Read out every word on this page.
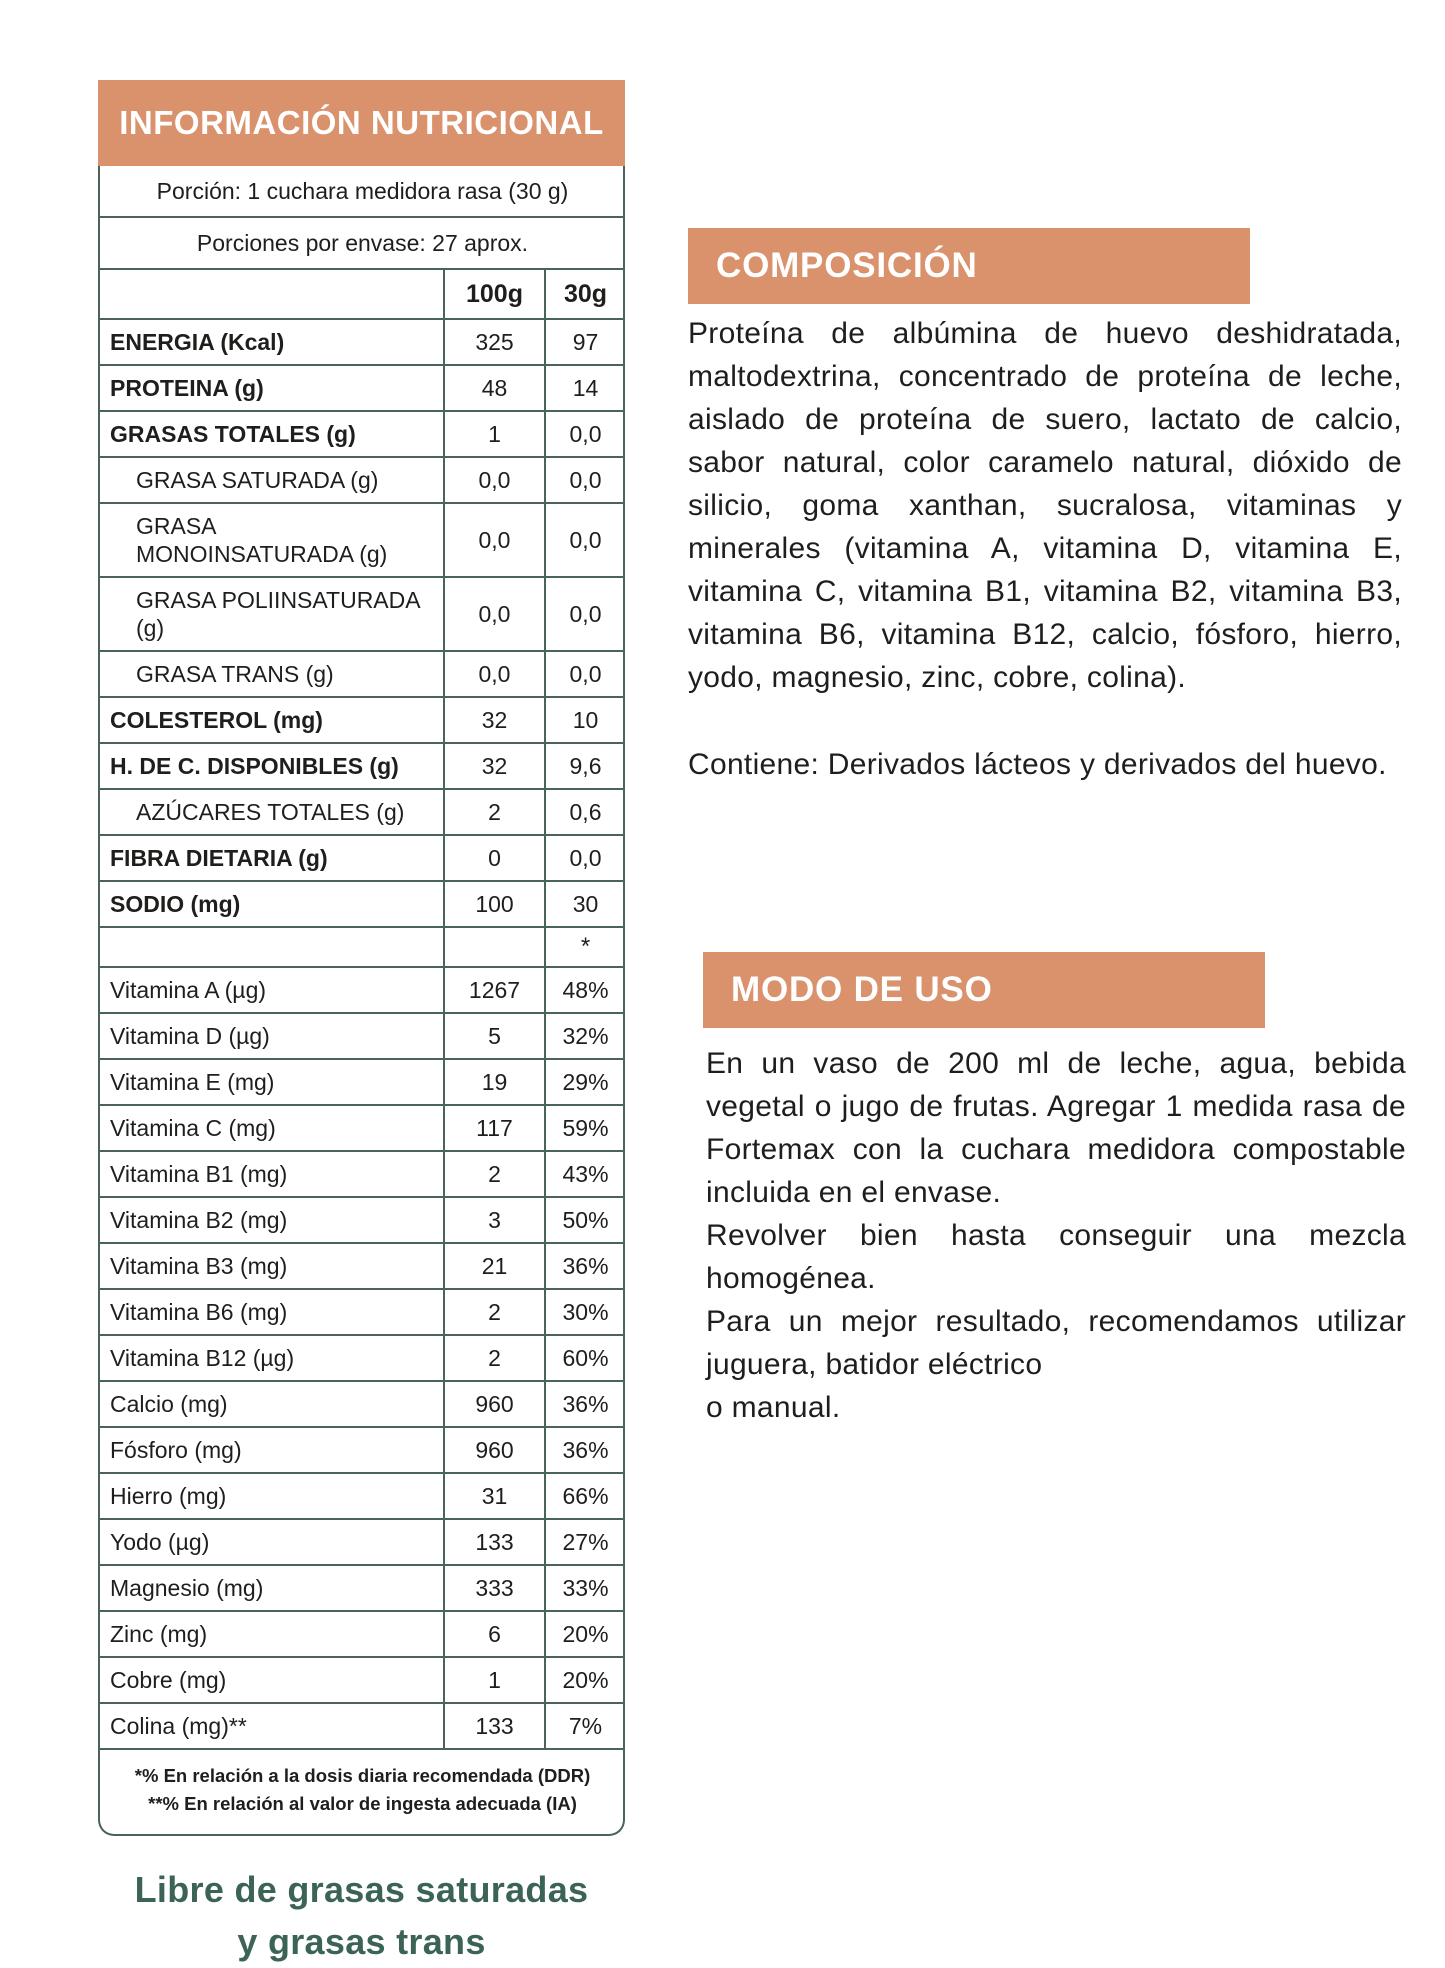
INFORMACIÓN NUTRICIONAL
Porción: 1 cuchara medidora rasa (30 g)		
Porciones por envase: 27 aprox.		
	100g	30g
ENERGIA (Kcal)	325	97
PROTEINA (g)	48	14
GRASAS TOTALES (g)	1	0,0
GRASA SATURADA (g)	0,0	0,0
GRASA MONOINSATURADA (g)	0,0	0,0
GRASA POLIINSATURADA (g)	0,0	0,0
GRASA TRANS (g)	0,0	0,0
COLESTEROL (mg)	32	10
H. DE C. DISPONIBLES (g)	32	9,6
AZÚCARES TOTALES (g)	2	0,6
FIBRA DIETARIA (g)	0	0,0
SODIO (mg)	100	30
		*
Vitamina A (µg)	1267	48%
Vitamina D (µg)	5	32%
Vitamina E (mg)	19	29%
Vitamina C (mg)	117	59%
Vitamina B1 (mg)	2	43%
Vitamina B2 (mg)	3	50%
Vitamina B3 (mg)	21	36%
Vitamina B6 (mg)	2	30%
Vitamina B12 (µg)	2	60%
Calcio (mg)	960	36%
Fósforo (mg)	960	36%
Hierro (mg)	31	66%
Yodo (µg)	133	27%
Magnesio (mg)	333	33%
Zinc (mg)	6	20%
Cobre (mg)	1	20%
Colina (mg)**	133	7%

*% En relación a la dosis diaria recomendada (DDR)
**% En relación al valor de ingesta adecuada (IA)		
Libre de grasas saturadas
y grasas trans
COMPOSICIÓN
Proteína de albúmina de huevo deshidratada, maltodextrina, concentrado de proteína de leche, aislado de proteína de suero, lactato de calcio, sabor natural, color caramelo natural, dióxido de silicio, goma xanthan, sucralosa, vitaminas y minerales (vitamina A, vitamina D, vitamina E, vitamina C, vitamina B1, vitamina B2, vitamina B3, vitamina B6, vitamina B12, calcio, fósforo, hierro, yodo, magnesio, zinc, cobre, colina).
Contiene: Derivados lácteos y derivados del huevo.
MODO DE USO
En un vaso de 200 ml de leche, agua, bebida vegetal o jugo de frutas. Agregar 1 medida rasa de Fortemax con la cuchara medidora compostable incluida en el envase.
Revolver bien hasta conseguir una mezcla homogénea.
Para un mejor resultado, recomendamos utilizar juguera, batidor eléctrico
o manual.
